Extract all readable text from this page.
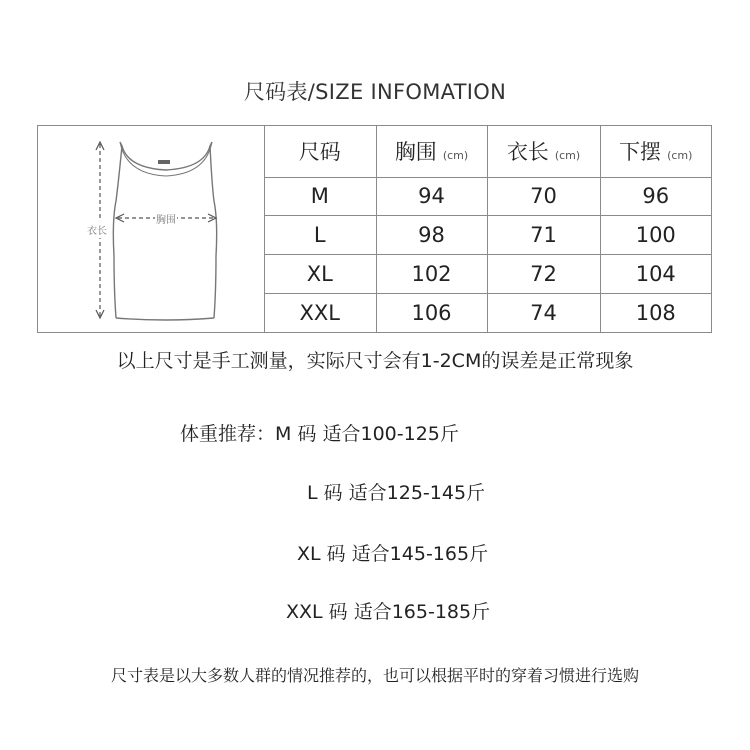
尺码表/SIZE INFOMATION
衣长
胸围
尺码	胸围 (cm)	衣长 (cm)	下摆 (cm)
M	94	70	96
L	98	71	100
XL	102	72	104
XXL	106	74	108
以上尺寸是手工测量，实际尺寸会有1-2CM的误差是正常现象
体重推荐：M 码 适合100-125斤
L 码 适合125-145斤
XL 码 适合145-165斤
XXL 码 适合165-185斤
尺寸表是以大多数人群的情况推荐的，也可以根据平时的穿着习惯进行选购
